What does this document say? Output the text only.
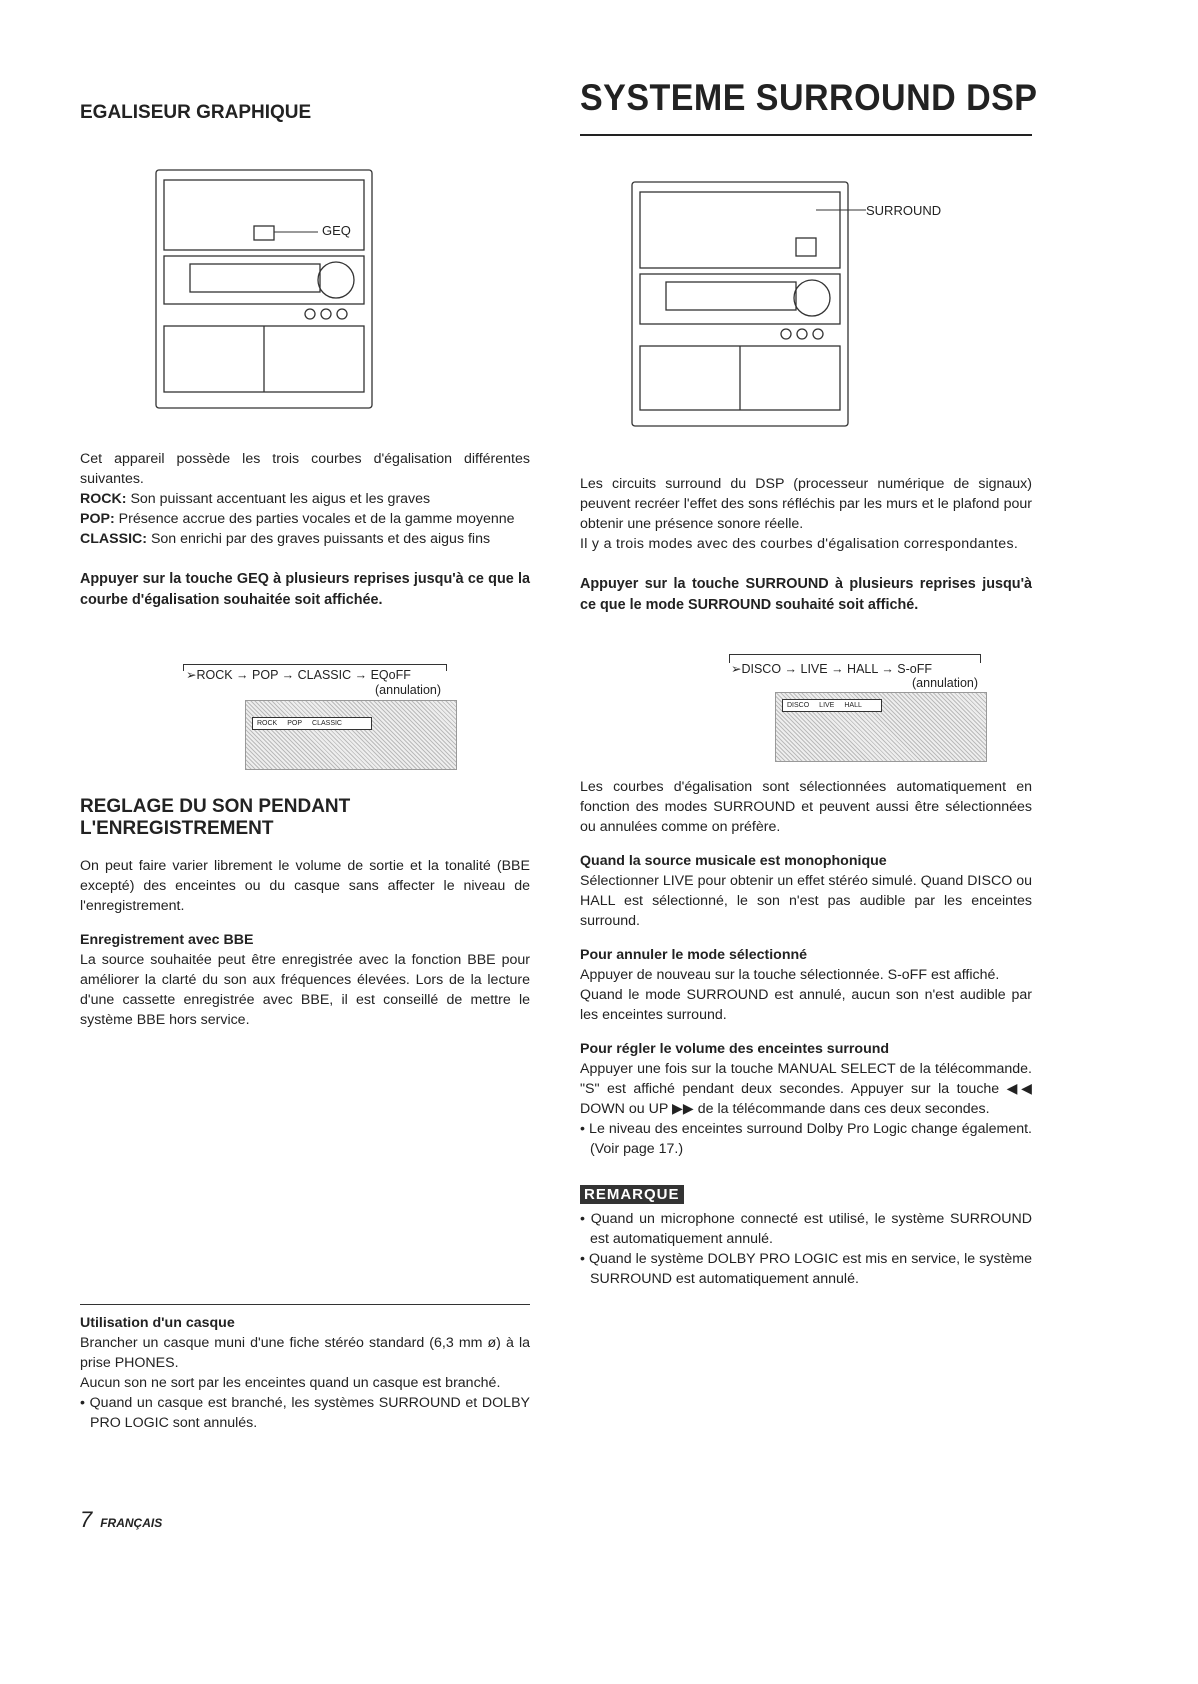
EGALISEUR GRAPHIQUE
GEQ

Cet appareil possède les trois courbes d'égalisation différentes suivantes.

ROCK: Son puissant accentuant les aigus et les graves

POP: Présence accrue des parties vocales et de la gamme moyenne

CLASSIC: Son enrichi par des graves puissants et des aigus fins

Appuyer sur la touche GEQ à plusieurs reprises jusqu'à ce que la courbe d'égalisation souhaitée soit affichée.

➢ROCK → POP → CLASSIC → EQoFF
(annulation)
ROCK POP CLASSIC
REGLAGE DU SON PENDANT L'ENREGISTREMENT

On peut faire varier librement le volume de sortie et la tonalité (BBE excepté) des enceintes ou du casque sans affecter le niveau de l'enregistrement.

Enregistrement avec BBE

La source souhaitée peut être enregistrée avec la fonction BBE pour améliorer la clarté du son aux fréquences élevées. Lors de la lecture d'une cassette enregistrée avec BBE, il est conseillé de mettre le système BBE hors service.

Utilisation d'un casque

Brancher un casque muni d'une fiche stéréo standard (6,3 mm ø) à la prise PHONES.

Aucun son ne sort par les enceintes quand un casque est branché.

• Quand un casque est branché, les systèmes SURROUND et DOLBY PRO LOGIC sont annulés.

SYSTEME SURROUND DSP
SURROUND

Les circuits surround du DSP (processeur numérique de signaux) peuvent recréer l'effet des sons réfléchis par les murs et le plafond pour obtenir une présence sonore réelle.

Il y a trois modes avec des courbes d'égalisation correspondantes.

Appuyer sur la touche SURROUND à plusieurs reprises jusqu'à ce que le mode SURROUND souhaité soit affiché.

➢DISCO → LIVE → HALL → S-oFF
(annulation)
DISCO LIVE HALL

Les courbes d'égalisation sont sélectionnées automatiquement en fonction des modes SURROUND et peuvent aussi être sélectionnées ou annulées comme on préfère.

Quand la source musicale est monophonique

Sélectionner LIVE pour obtenir un effet stéréo simulé. Quand DISCO ou HALL est sélectionné, le son n'est pas audible par les enceintes surround.

Pour annuler le mode sélectionné

Appuyer de nouveau sur la touche sélectionnée. S-oFF est affiché.

Quand le mode SURROUND est annulé, aucun son n'est audible par les enceintes surround.

Pour régler le volume des enceintes surround

Appuyer une fois sur la touche MANUAL SELECT de la télécommande. "S" est affiché pendant deux secondes. Appuyer sur la touche ◀◀ DOWN ou UP ▶▶ de la télécommande dans ces deux secondes.

• Le niveau des enceintes surround Dolby Pro Logic change également. (Voir page 17.)

REMARQUE

• Quand un microphone connecté est utilisé, le système SURROUND est automatiquement annulé.

• Quand le système DOLBY PRO LOGIC est mis en service, le système SURROUND est automatiquement annulé.

7 FRANÇAIS
